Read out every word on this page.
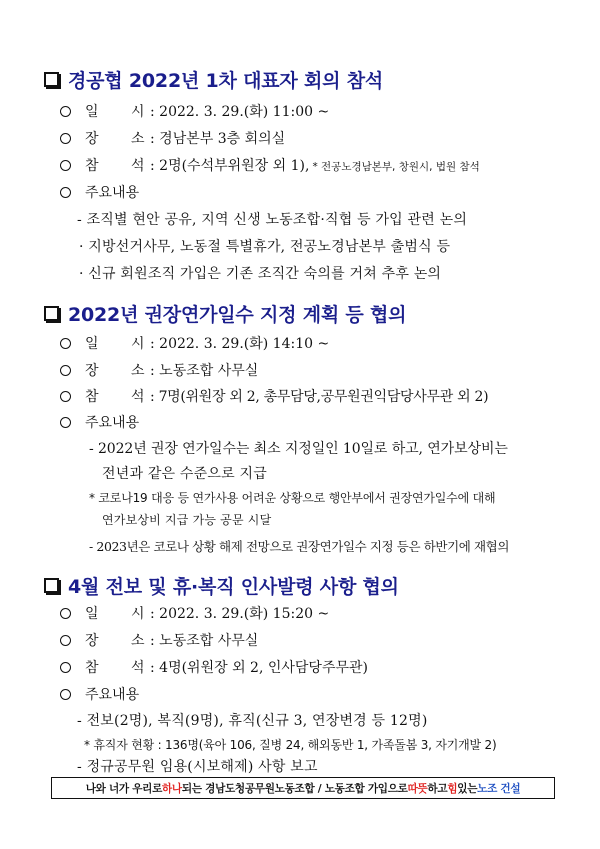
경공협 2022년 1차 대표자 회의 참석
일 시 : 2022. 3. 29.(화) 11:00 ~
장 소 : 경남본부 3층 회의실
참 석 : 2명(수석부위원장 외 1), * 전공노경남본부, 창원시, 법원 참석
주요내용
- 조직별 현안 공유, 지역 신생 노동조합·직협 등 가입 관련 논의
· 지방선거사무, 노동절 특별휴가, 전공노경남본부 출범식 등
· 신규 회원조직 가입은 기존 조직간 숙의를 거쳐 추후 논의
2022년 권장연가일수 지정 계획 등 협의
일 시 : 2022. 3. 29.(화) 14:10 ~
장 소 : 노동조합 사무실
참 석 : 7명(위원장 외 2, 총무담당,공무원권익담당사무관 외 2)
주요내용
- 2022년 권장 연가일수는 최소 지정일인 10일로 하고, 연가보상비는
전년과 같은 수준으로 지급
* 코로나19 대응 등 연가사용 어려운 상황으로 행안부에서 권장연가일수에 대해
연가보상비 지급 가능 공문 시달
- 2023년은 코로나 상황 해제 전망으로 권장연가일수 지정 등은 하반기에 재협의
4월 전보 및 휴·복직 인사발령 사항 협의
일 시 : 2022. 3. 29.(화) 15:20 ~
장 소 : 노동조합 사무실
참 석 : 4명(위원장 외 2, 인사담당주무관)
주요내용
- 전보(2명), 복직(9명), 휴직(신규 3, 연장변경 등 12명)
* 휴직자 현황 : 136명(육아 106, 질병 24, 해외동반 1, 가족돌봄 3, 자기개발 2)
- 정규공무원 임용(시보해제) 사항 보고
나와 너가 우리로 하나 되는 경남도청공무원노동조합 / 노동조합 가입으로 따뜻 하고 힘 있는 노조 건설
